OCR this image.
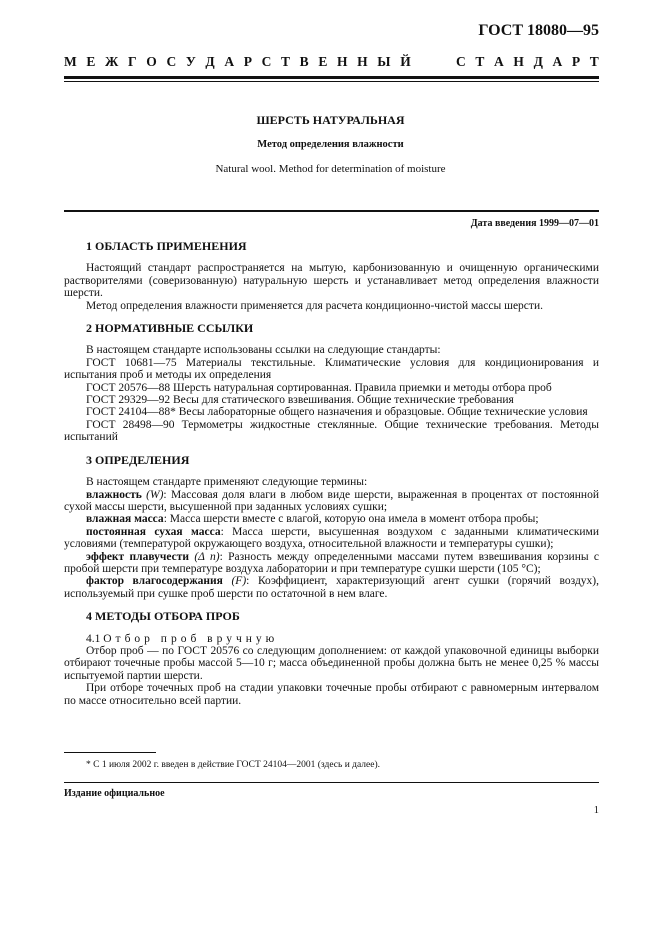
ГОСТ 18080—95
М Е Ж Г О С У Д А Р С Т В Е Н Н Ы Й	С Т А Н Д А Р Т
ШЕРСТЬ НАТУРАЛЬНАЯ
Метод определения влажности
Natural wool. Method for determination of moisture
Дата введения 1999—07—01
1 ОБЛАСТЬ ПРИМЕНЕНИЯ

Настоящий стандарт распространяется на мытую, карбонизованную и очищенную органическими растворителями (соверизованную) натуральную шерсть и устанавливает метод определения влажности шерсти.

Метод определения влажности применяется для расчета кондиционно-чистой массы шерсти.

2 НОРМАТИВНЫЕ ССЫЛКИ

В настоящем стандарте использованы ссылки на следующие стандарты:

ГОСТ 10681—75 Материалы текстильные. Климатические условия для кондиционирования и испытания проб и методы их определения

ГОСТ 20576—88 Шерсть натуральная сортированная. Правила приемки и методы отбора проб

ГОСТ 29329—92 Весы для статического взвешивания. Общие технические требования

ГОСТ 24104—88* Весы лабораторные общего назначения и образцовые. Общие технические условия

ГОСТ 28498—90 Термометры жидкостные стеклянные. Общие технические требования. Методы испытаний

3 ОПРЕДЕЛЕНИЯ

В настоящем стандарте применяют следующие термины:

влажность (W): Массовая доля влаги в любом виде шерсти, выраженная в процентах от постоянной сухой массы шерсти, высушенной при заданных условиях сушки;

влажная масса: Масса шерсти вместе с влагой, которую она имела в момент отбора пробы;

постоянная сухая масса: Масса шерсти, высушенная воздухом с заданными климатическими условиями (температурой окружающего воздуха, относительной влажности и температуры сушки);

эффект плавучести (Δ n): Разность между определенными массами путем взвешивания корзины с пробой шерсти при температуре воздуха лаборатории и при температуре сушки шерсти (105 °С);

фактор влагосодержания (F): Коэффициент, характеризующий агент сушки (горячий воздух), используемый при сушке проб шерсти по остаточной в нем влаге.

4 МЕТОДЫ ОТБОРА ПРОБ

4.1 Отбор проб вручную

Отбор проб — по ГОСТ 20576 со следующим дополнением: от каждой упаковочной единицы выборки отбирают точечные пробы массой 5—10 г; масса объединенной пробы должна быть не менее 0,25 % массы испытуемой партии шерсти.

При отборе точечных проб на стадии упаковки точечные пробы отбирают с равномерным интервалом по массе относительно всей партии.

* С 1 июля 2002 г. введен в действие ГОСТ 24104—2001 (здесь и далее).
Издание официальное
1
